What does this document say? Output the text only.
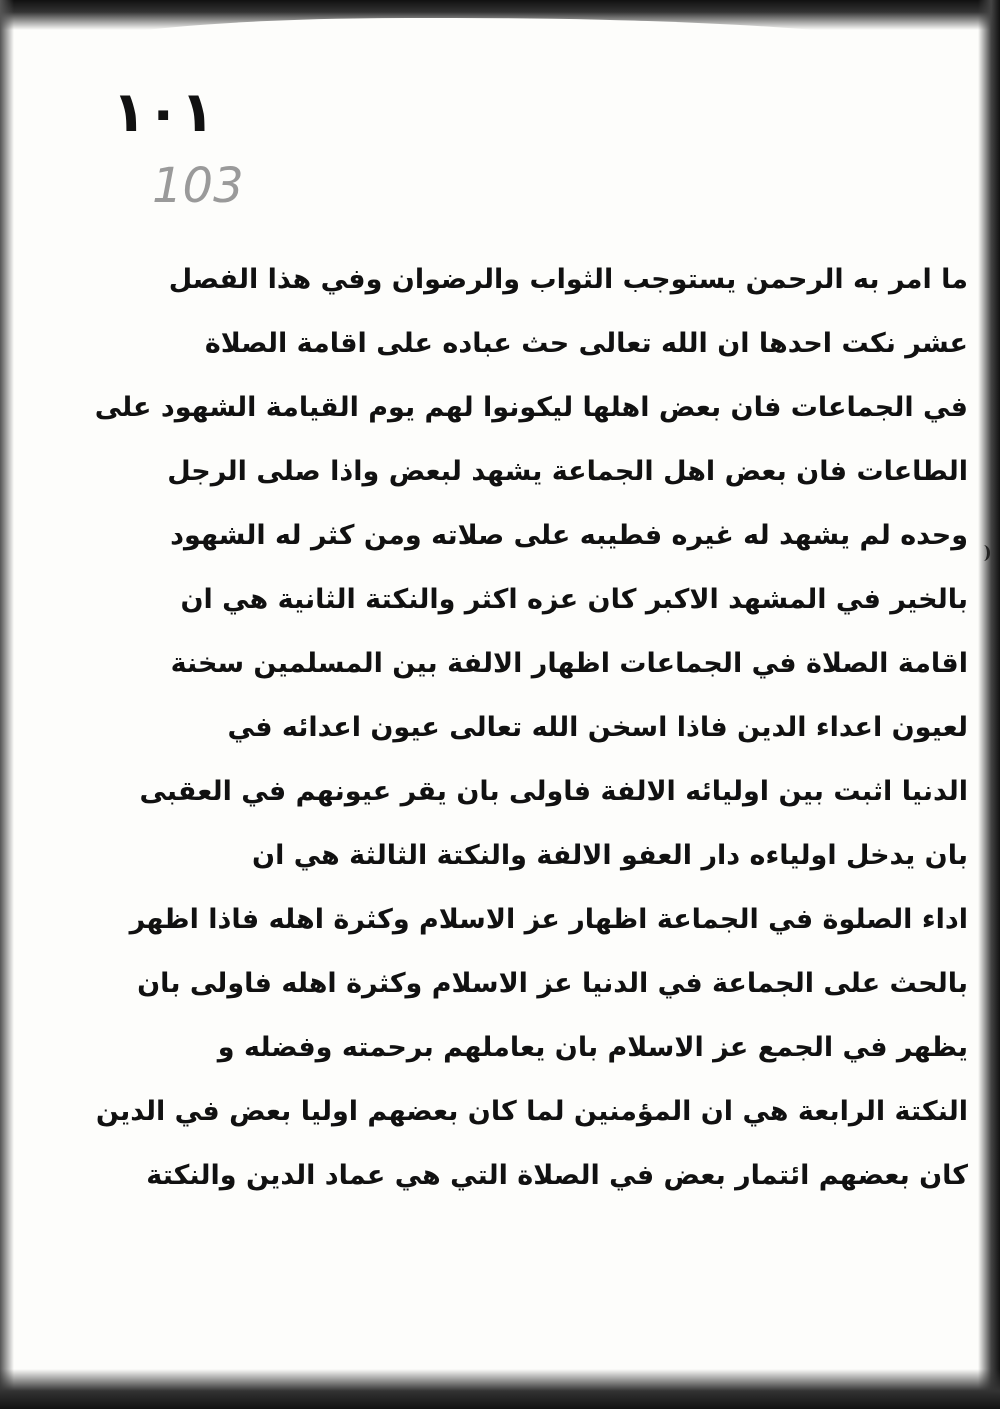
١٠١
103
ما امر به الرحمن يستوجب الثواب والرضوان وفي هذا الفصل
عشر نكت احدها ان الله تعالى حث عباده على اقامة الصلاة
في الجماعات فان بعض اهلها ليكونوا لهم يوم القيامة الشهود على
الطاعات فان بعض اهل الجماعة يشهد لبعض واذا صلى الرجل
وحده لم يشهد له غيره فطيبه على صلاته ومن كثر له الشهود
بالخير في المشهد الاكبر كان عزه اكثر والنكتة الثانية هي ان
اقامة الصلاة في الجماعات اظهار الالفة بين المسلمين سخنة
لعيون اعداء الدين فاذا اسخن الله تعالى عيون اعدائه في
الدنيا اثبت بين اوليائه الالفة فاولى بان يقر عيونهم في العقبى
بان يدخل اولياءه دار العفو الالفة والنكتة الثالثة هي ان
اداء الصلوة في الجماعة اظهار عز الاسلام وكثرة اهله فاذا اظهر
بالحث على الجماعة في الدنيا عز الاسلام وكثرة اهله فاولى بان
يظهر في الجمع عز الاسلام بان يعاملهم برحمته وفضله و
النكتة الرابعة هي ان المؤمنين لما كان بعضهم اوليا بعض في الدين
كان بعضهم ائتمار بعض في الصلاة التي هي عماد الدين والنكتة
